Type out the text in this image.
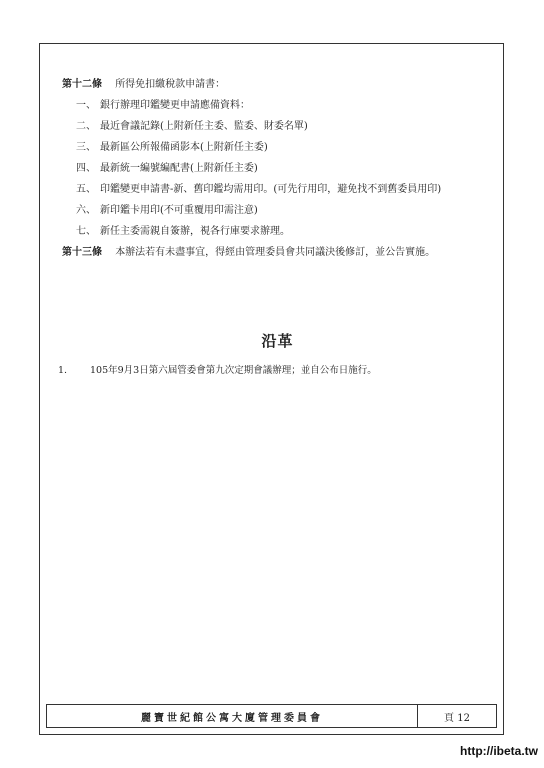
第十二條 所得免扣繳稅款申請書：
一、 銀行辦理印鑑變更申請應備資料：
二、 最近會議記錄(上附新任主委、監委、財委名單)
三、 最新區公所報備函影本(上附新任主委)
四、 最新統一編號編配書(上附新任主委)
五、 印鑑變更申請書-新、舊印鑑均需用印。(可先行用印，避免找不到舊委員用印)
六、 新印鑑卡用印(不可重覆用印需注意)
七、 新任主委需親自簽辦，視各行庫要求辦理。
第十三條 本辦法若有未盡事宜，得經由管理委員會共同議決後修訂，並公告實施。
沿革
1. 105年9月3日第六屆管委會第九次定期會議辦理；並自公布日施行。
麗寶世紀館公寓大廈管理委員會	頁 12
http://ibeta.tw
